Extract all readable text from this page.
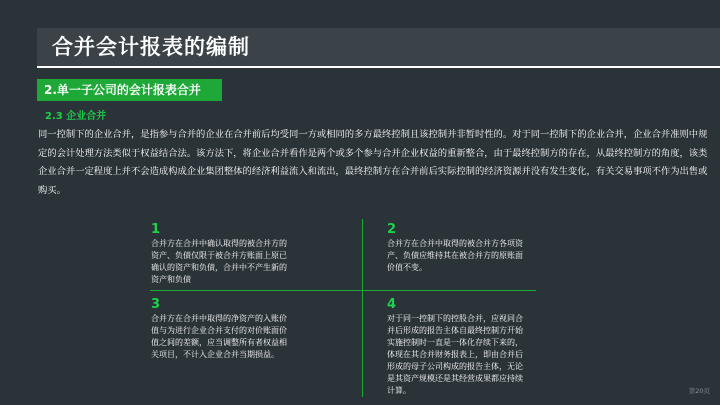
合并会计报表的编制
2.单一子公司的会计报表合并
2.3 企业合并
同一控制下的企业合并，是指参与合并的企业在合并前后均受同一方或相同的多方最终控制且该控制并非暂时性的。对于同一控制下的企业合并，企业合并准则中规定的会计处理方法类似于权益结合法。该方法下，将企业合并看作是两个或多个参与合并企业权益的重新整合，由于最终控制方的存在，从最终控制方的角度，该类企业合并一定程度上并不会造成构成企业集团整体的经济利益流入和流出，最终控制方在合并前后实际控制的经济资源并没有发生变化，有关交易事项不作为出售或购买。
1
合并方在合并中确认取得的被合并方的资产、负债仅限于被合并方账面上原已确认的资产和负债，合并中不产生新的资产和负债
2
合并方在合并中取得的被合并方各项资产、负债应维持其在被合并方的原账面价值不变。
3
合并方在合并中取得的净资产的入账价值与为进行企业合并支付的对价账面价值之间的差额，应当调整所有者权益相关项目，不计入企业合并当期损益。
4
对于同一控制下的控股合并，应视同合并后形成的报告主体自最终控制方开始实施控制时一直是一体化存续下来的，体现在其合并财务报表上，即由合并后形成的母子公司构成的报告主体，无论是其资产规模还是其经营成果都应持续计算。	第20页
